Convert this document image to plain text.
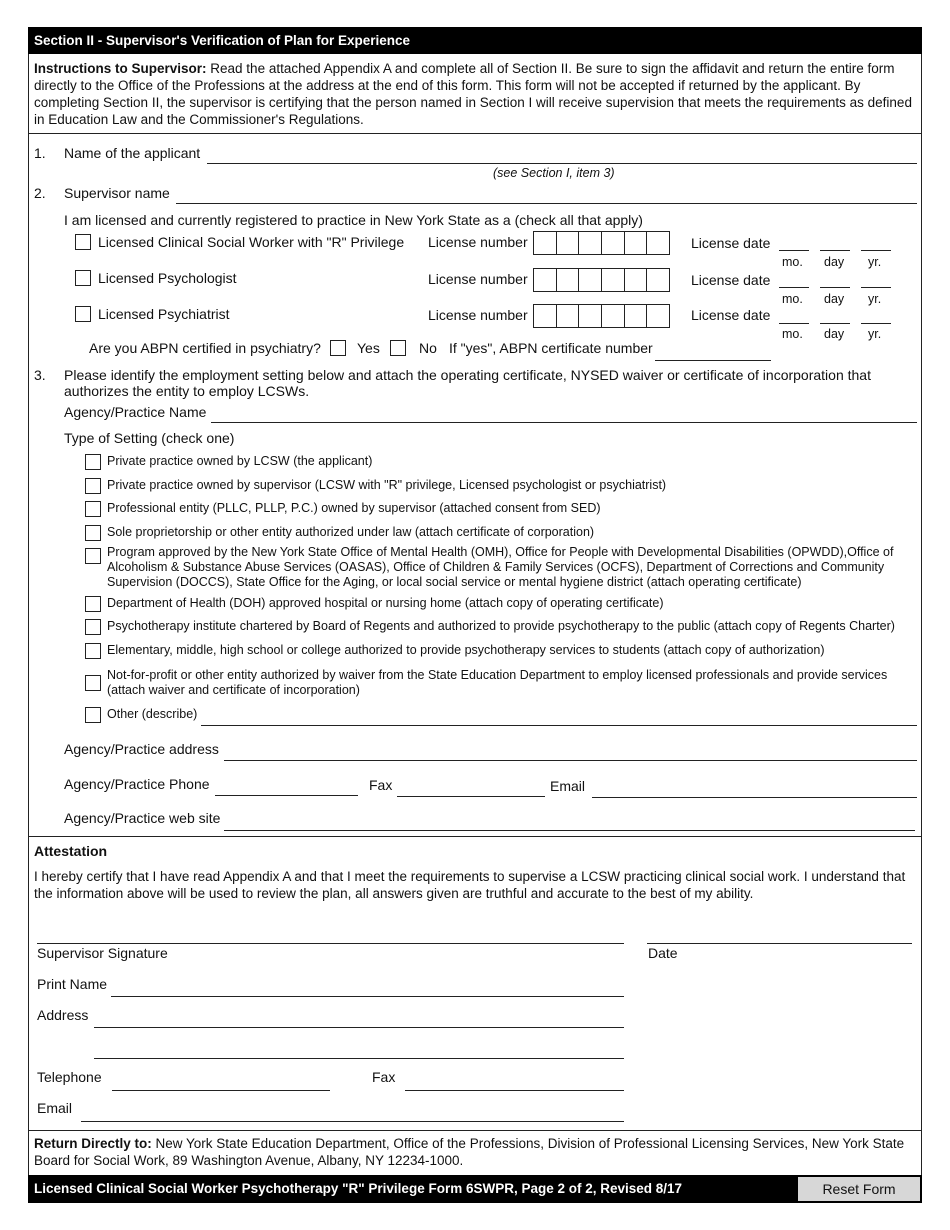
Section II - Supervisor's Verification of Plan for Experience
Instructions to Supervisor: Read the attached Appendix A and complete all of Section II. Be sure to sign the affidavit and return the entire form directly to the Office of the Professions at the address at the end of this form. This form will not be accepted if returned by the applicant. By completing Section II, the supervisor is certifying that the person named in Section I will receive supervision that meets the requirements as defined in Education Law and the Commissioner's Regulations.
1. Name of the applicant
(see Section I, item 3)
2. Supervisor name
I am licensed and currently registered to practice in New York State as a (check all that apply)
Licensed Clinical Social Worker with "R" Privilege License number	License date
mo. day yr.
Licensed Psychologist	License number	License date
mo. day yr.
Licensed Psychiatrist	License number	License date
mo. day yr.
Are you ABPN certified in psychiatry?	Yes	No If "yes", ABPN certificate number
3. Please identify the employment setting below and attach the operating certificate, NYSED waiver or certificate of incorporation that
authorizes the entity to employ LCSWs.
Agency/Practice Name
Type of Setting (check one)
Private practice owned by LCSW (the applicant)
Private practice owned by supervisor (LCSW with "R" privilege, Licensed psychologist or psychiatrist)
Professional entity (PLLC, PLLP, P.C.) owned by supervisor (attached consent from SED)
Sole proprietorship or other entity authorized under law (attach certificate of corporation)
Program approved by the New York State Office of Mental Health (OMH), Office for People with Developmental Disabilities (OPWDD),Office of Alcoholism & Substance Abuse Services (OASAS), Office of Children & Family Services (OCFS), Department of Corrections and Community Supervision (DOCCS), State Office for the Aging, or local social service or mental hygiene district (attach operating certificate)
Department of Health (DOH) approved hospital or nursing home (attach copy of operating certificate)
Psychotherapy institute chartered by Board of Regents and authorized to provide psychotherapy to the public (attach copy of Regents Charter)
Elementary, middle, high school or college authorized to provide psychotherapy services to students (attach copy of authorization)
Not-for-profit or other entity authorized by waiver from the State Education Department to employ licensed professionals and provide services (attach waiver and certificate of incorporation)
Other (describe)
Agency/Practice address
Agency/Practice Phone	Fax	Email
Agency/Practice web site
Attestation
I hereby certify that I have read Appendix A and that I meet the requirements to supervise a LCSW practicing clinical social work. I understand that the information above will be used to review the plan, all answers given are truthful and accurate to the best of my ability.
Supervisor Signature	Date
Print Name
Address
Telephone	Fax
Email
Return Directly to: New York State Education Department, Office of the Professions, Division of Professional Licensing Services, New York State Board for Social Work, 89 Washington Avenue, Albany, NY 12234-1000.
Licensed Clinical Social Worker Psychotherapy "R" Privilege Form 6SWPR, Page 2 of 2, Revised 8/17	Reset Form
